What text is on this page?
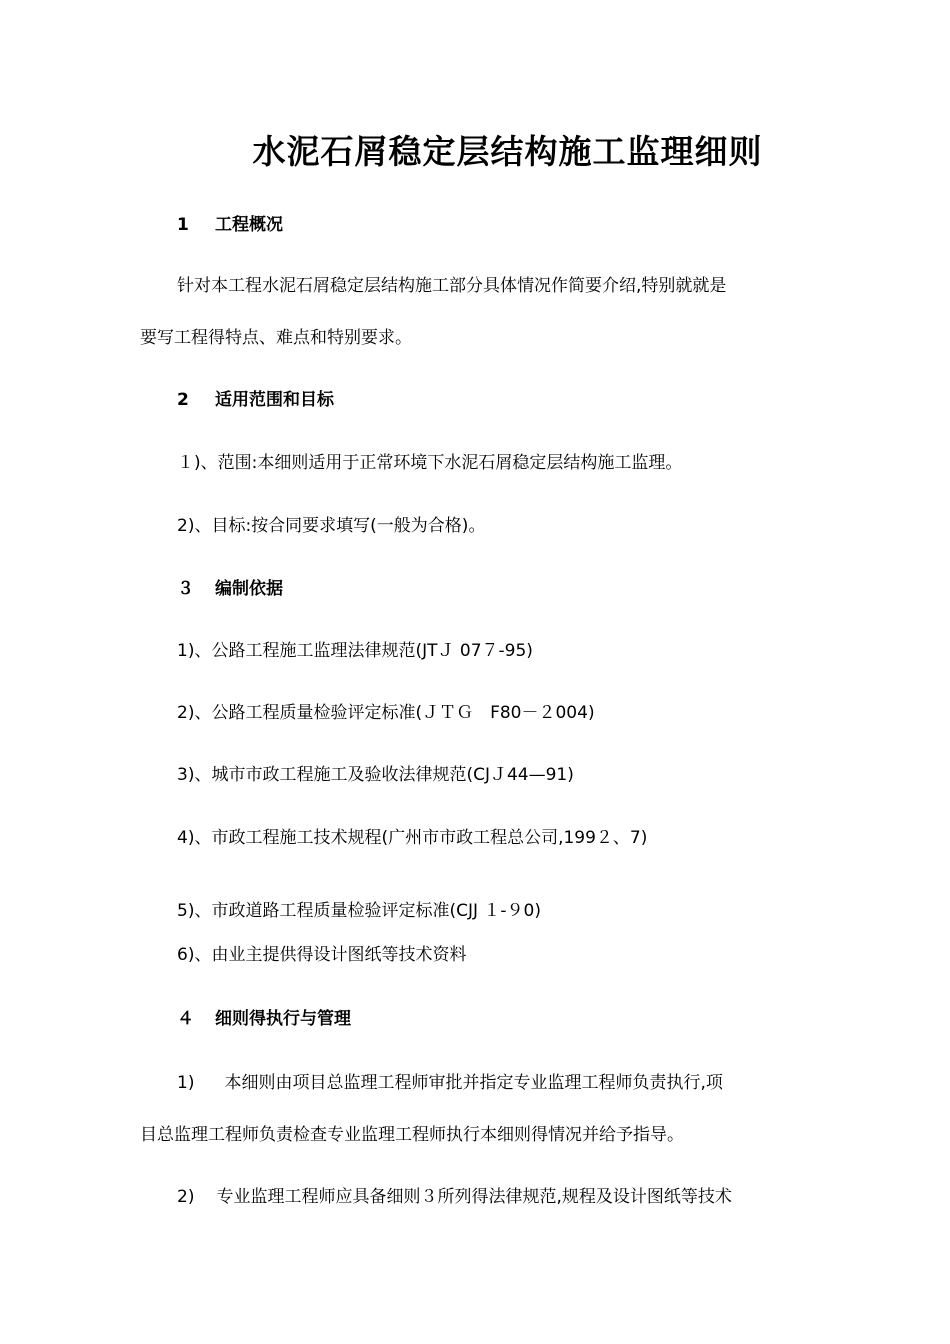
水泥石屑稳定层结构施工监理细则
1 工程概况
针对本工程水泥石屑稳定层结构施工部分具体情况作简要介绍,特别就就是
要写工程得特点、难点和特别要求。
2 适用范围和目标
１)、范围:本细则适用于正常环境下水泥石屑稳定层结构施工监理。
2)、目标:按合同要求填写(一般为合格)。
３ 编制依据
1)、公路工程施工监理法律规范(JTＪ 07７-95)
2)、公路工程质量检验评定标准(ＪＴＧ　F80－２004)
3)、城市市政工程施工及验收法律规范(CJＪ44—91)
4)、市政工程施工技术规程(广州市市政工程总公司,199２、7)
5)、市政道路工程质量检验评定标准(CJJ １-９0)
6)、由业主提供得设计图纸等技术资料
４ 细则得执行与管理
1) 本细则由项目总监理工程师审批并指定专业监理工程师负责执行,项
目总监理工程师负责检查专业监理工程师执行本细则得情况并给予指导。
2) 专业监理工程师应具备细则３所列得法律规范,规程及设计图纸等技术
